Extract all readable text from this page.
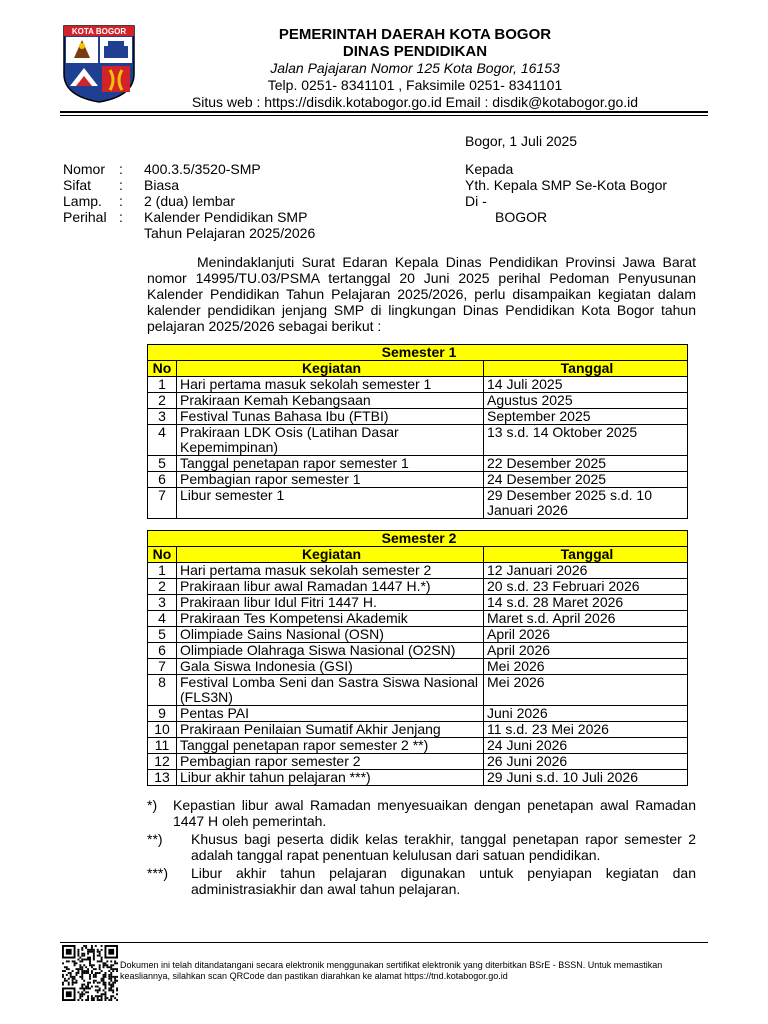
KOTA BOGOR	PEMERINTAH DAERAH KOTA BOGOR
DINAS PENDIDIKAN
Jalan Pajajaran Nomor 125 Kota Bogor, 16153
Telp. 0251- 8341101 , Faksimile 0251- 8341101
Situs web : https://disdik.kotabogor.go.id Email : disdik@kotabogor.go.id
Bogor, 1 Juli 2025
Nomor	:	400.3.5/3520-SMP
Sifat	:	Biasa
Lamp.	:	2 (dua) lembar
Perihal	:	Kalender Pendidikan SMP
Tahun Pelajaran 2025/2026
Kepada
Yth. Kepala SMP Se-Kota Bogor
Di -
BOGOR
Menindaklanjuti Surat Edaran Kepala Dinas Pendidikan Provinsi Jawa Barat nomor 14995/TU.03/PSMA tertanggal 20 Juni 2025 perihal Pedoman Penyusunan Kalender Pendidikan Tahun Pelajaran 2025/2026, perlu disampaikan kegiatan dalam kalender pendidikan jenjang SMP di lingkungan Dinas Pendidikan Kota Bogor tahun pelajaran 2025/2026 sebagai berikut :
Semester 1		
No	Kegiatan	Tanggal
1	Hari pertama masuk sekolah semester 1	14 Juli 2025
2	Prakiraan Kemah Kebangsaan	Agustus 2025
3	Festival Tunas Bahasa Ibu (FTBI)	September 2025
4	Prakiraan LDK Osis (Latihan Dasar Kepemimpinan)	13 s.d. 14 Oktober 2025
5	Tanggal penetapan rapor semester 1	22 Desember 2025
6	Pembagian rapor semester 1	24 Desember 2025
7	Libur semester 1	29 Desember 2025 s.d. 10 Januari 2026
Semester 2		
No	Kegiatan	Tanggal
1	Hari pertama masuk sekolah semester 2	12 Januari 2026
2	Prakiraan libur awal Ramadan 1447 H.*)	20 s.d. 23 Februari 2026
3	Prakiraan libur Idul Fitri 1447 H.	14 s.d. 28 Maret 2026
4	Prakiraan Tes Kompetensi Akademik	Maret s.d. April 2026
5	Olimpiade Sains Nasional (OSN)	April 2026
6	Olimpiade Olahraga Siswa Nasional (O2SN)	April 2026
7	Gala Siswa Indonesia (GSI)	Mei 2026
8	Festival Lomba Seni dan Sastra Siswa Nasional (FLS3N)	Mei 2026
9	Pentas PAI	Juni 2026
10	Prakiraan Penilaian Sumatif Akhir Jenjang	11 s.d. 23 Mei 2026
11	Tanggal penetapan rapor semester 2 **)	24 Juni 2026
12	Pembagian rapor semester 2	26 Juni 2026
13	Libur akhir tahun pelajaran ***)	29 Juni s.d. 10 Juli 2026
*)	Kepastian libur awal Ramadan menyesuaikan dengan penetapan awal Ramadan 1447 H oleh pemerintah.
**)	Khusus bagi peserta didik kelas terakhir, tanggal penetapan rapor semester 2 adalah tanggal rapat penentuan kelulusan dari satuan pendidikan.
***)	Libur akhir tahun pelajaran digunakan untuk penyiapan kegiatan dan administrasiakhir dan awal tahun pelajaran.
Dokumen ini telah ditandatangani secara elektronik menggunakan sertifikat elektronik yang diterbitkan BSrE - BSSN. Untuk memastikan keasliannya, silahkan scan QRCode dan pastikan diarahkan ke alamat https://tnd.kotabogor.go.id
